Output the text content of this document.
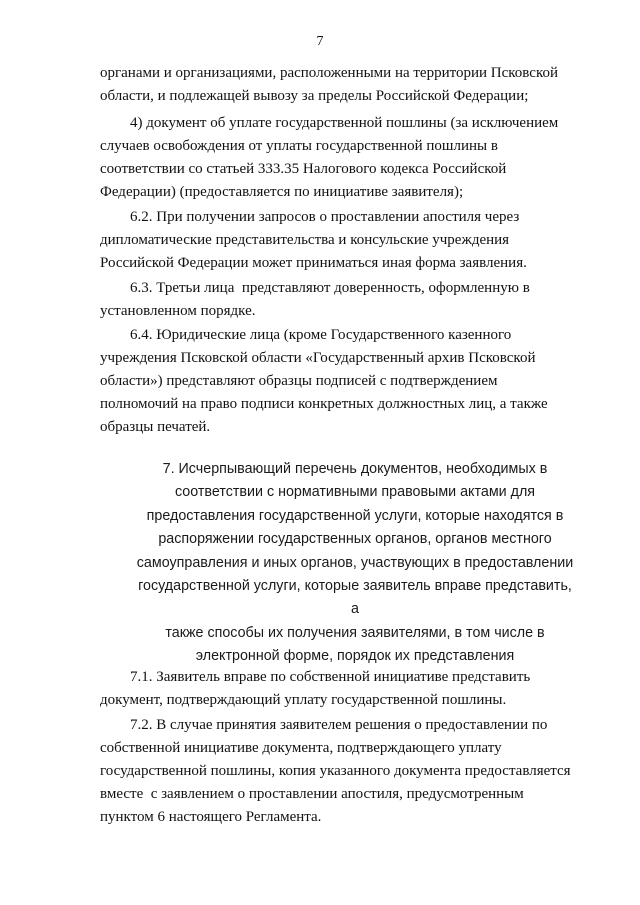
7

органами и организациями, расположенными на территории Псковской
области, и подлежащей вывозу за пределы Российской Федерации;

4) документ об уплате государственной пошлины (за исключением
случаев освобождения от уплаты государственной пошлины в
соответствии со статьей 333.35 Налогового кодекса Российской
Федерации) (предоставляется по инициативе заявителя);

6.2. При получении запросов о проставлении апостиля через
дипломатические представительства и консульские учреждения
Российской Федерации может приниматься иная форма заявления.

6.3. Третьи лица  представляют доверенность, оформленную в
установленном порядке.

6.4. Юридические лица (кроме Государственного казенного
учреждения Псковской области «Государственный архив Псковской
области») представляют образцы подписей с подтверждением
полномочий на право подписи конкретных должностных лиц, а также
образцы печатей.

7. Исчерпывающий перечень документов, необходимых в
соответствии с нормативными правовыми актами для
предоставления государственной услуги, которые находятся в
распоряжении государственных органов, органов местного
самоуправления и иных органов, участвующих в предоставлении
государственной услуги, которые заявитель вправе представить, а
также способы их получения заявителями, в том числе в
электронной форме, порядок их представления

7.1. Заявитель вправе по собственной инициативе представить
документ, подтверждающий уплату государственной пошлины.

7.2. В случае принятия заявителем решения о предоставлении по
собственной инициативе документа, подтверждающего уплату
государственной пошлины, копия указанного документа предоставляется
вместе  с заявлением о проставлении апостиля, предусмотренным
пунктом 6 настоящего Регламента.
